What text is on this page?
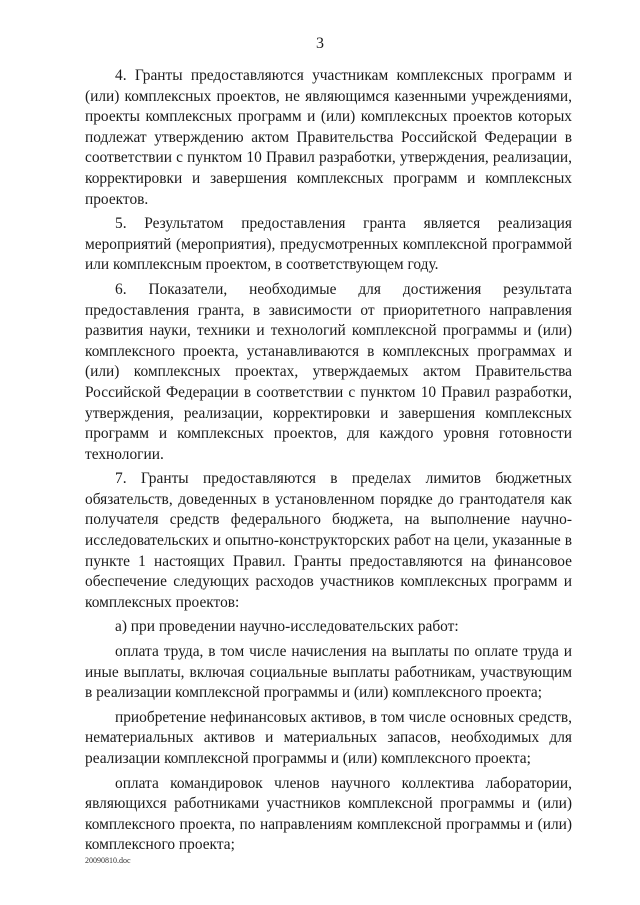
3

4. Гранты предоставляются участникам комплексных программ и (или) комплексных проектов, не являющимся казенными учреждениями, проекты комплексных программ и (или) комплексных проектов которых подлежат утверждению актом Правительства Российской Федерации в соответствии с пунктом 10 Правил разработки, утверждения, реализации, корректировки и завершения комплексных программ и комплексных проектов.

5. Результатом предоставления гранта является реализация мероприятий (мероприятия), предусмотренных комплексной программой или комплексным проектом, в соответствующем году.

6. Показатели, необходимые для достижения результата предоставления гранта, в зависимости от приоритетного направления развития науки, техники и технологий комплексной программы и (или) комплексного проекта, устанавливаются в комплексных программах и (или) комплексных проектах, утверждаемых актом Правительства Российской Федерации в соответствии с пунктом 10 Правил разработки, утверждения, реализации, корректировки и завершения комплексных программ и комплексных проектов, для каждого уровня готовности технологии.

7. Гранты предоставляются в пределах лимитов бюджетных обязательств, доведенных в установленном порядке до грантодателя как получателя средств федерального бюджета, на выполнение научно-исследовательских и опытно-конструкторских работ на цели, указанные в пункте 1 настоящих Правил. Гранты предоставляются на финансовое обеспечение следующих расходов участников комплексных программ и комплексных проектов:

а) при проведении научно-исследовательских работ:

оплата труда, в том числе начисления на выплаты по оплате труда и иные выплаты, включая социальные выплаты работникам, участвующим в реализации комплексной программы и (или) комплексного проекта;

приобретение нефинансовых активов, в том числе основных средств, нематериальных активов и материальных запасов, необходимых для реализации комплексной программы и (или) комплексного проекта;

оплата командировок членов научного коллектива лаборатории, являющихся работниками участников комплексной программы и (или) комплексного проекта, по направлениям комплексной программы и (или) комплексного проекта;

20090810.doc
